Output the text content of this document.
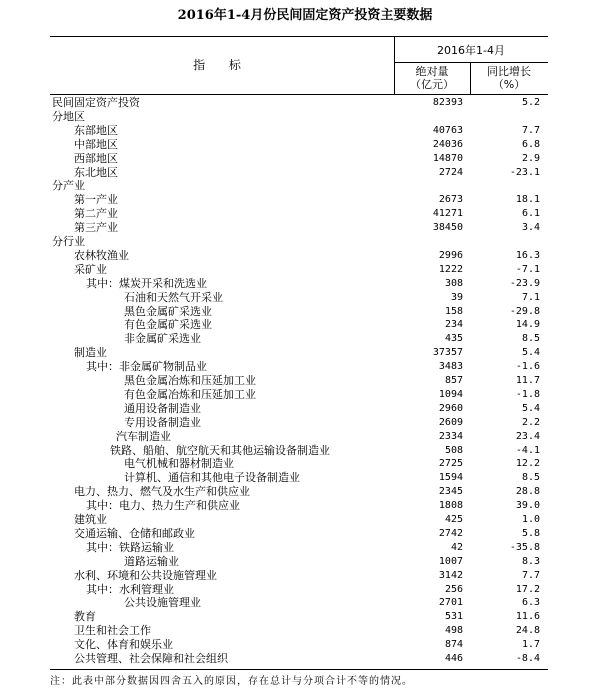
2016年1-4月份民间固定资产投资主要数据
指 标
2016年1-4月
绝对量
（亿元）
同比增长
（%）
民间固定资产投资	82393	5.2
分地区
东部地区	40763	7.7
中部地区	24036	6.8
西部地区	14870	2.9
东北地区	2724	-23.1
分产业
第一产业	2673	18.1
第二产业	41271	6.1
第三产业	38450	3.4
分行业
农林牧渔业	2996	16.3
采矿业	1222	-7.1
其中：煤炭开采和洗选业	308	-23.9
石油和天然气开采业	39	7.1
黑色金属矿采选业	158	-29.8
有色金属矿采选业	234	14.9
非金属矿采选业	435	8.5
制造业	37357	5.4
其中：非金属矿物制品业	3483	-1.6
黑色金属冶炼和压延加工业	857	11.7
有色金属冶炼和压延加工业	1094	-1.8
通用设备制造业	2960	5.4
专用设备制造业	2609	2.2
汽车制造业	2334	23.4
铁路、船舶、航空航天和其他运输设备制造业	508	-4.1
电气机械和器材制造业	2725	12.2
计算机、通信和其他电子设备制造业	1594	8.5
电力、热力、燃气及水生产和供应业	2345	28.8
其中：电力、热力生产和供应业	1808	39.0
建筑业	425	1.0
交通运输、仓储和邮政业	2742	5.8
其中：铁路运输业	42	-35.8
道路运输业	1007	8.3
水利、环境和公共设施管理业	3142	7.7
其中：水利管理业	256	17.2
公共设施管理业	2701	6.3
教育	531	11.6
卫生和社会工作	498	24.8
文化、体育和娱乐业	874	1.7
公共管理、社会保障和社会组织	446	-8.4
注：此表中部分数据因四舍五入的原因，存在总计与分项合计不等的情况。
